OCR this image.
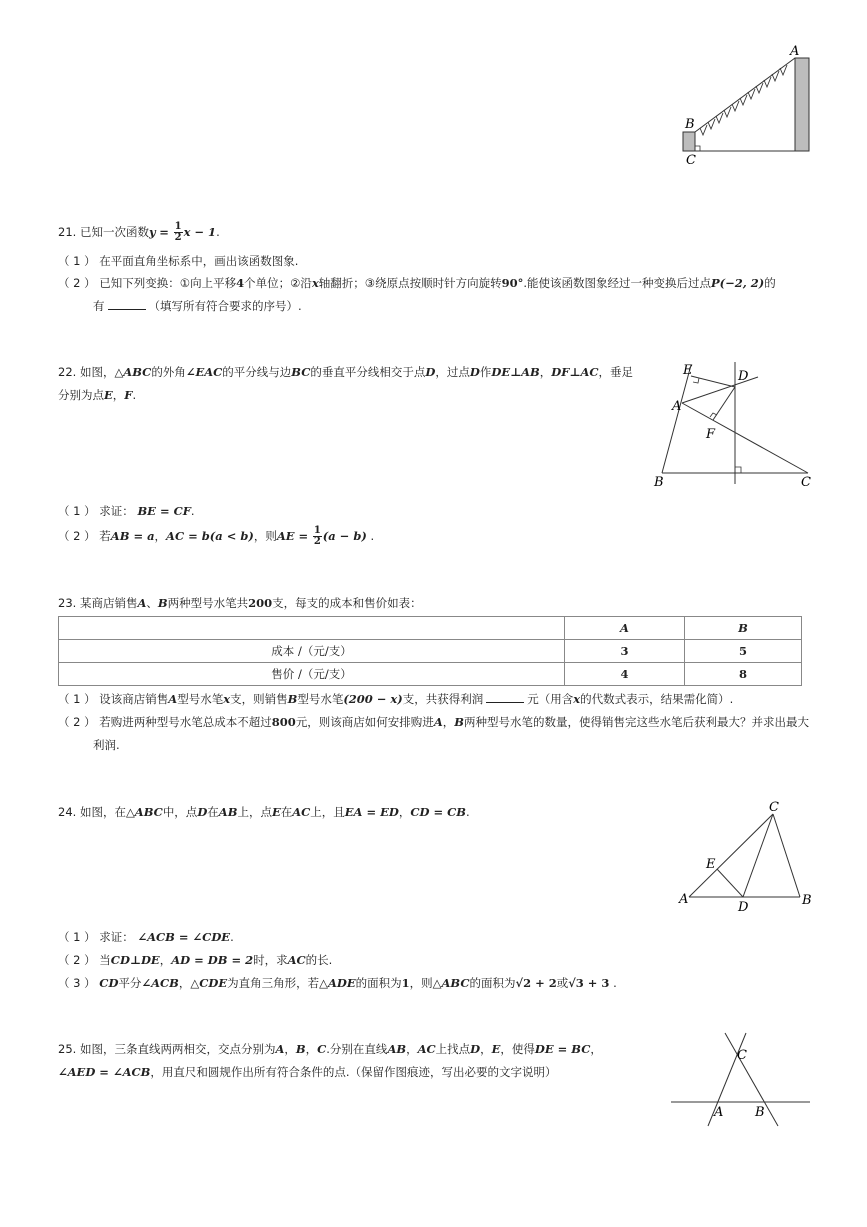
A
B
C
21. 已知一次函数$y = \frac{1}{2}$ x − 1.
（ 1 ） 在平面直角坐标系中，画出该函数图象.
（ 2 ） 已知下列变换：①向上平移4个单位；②沿x轴翻折；③绕原点按顺时针方向旋转90°.能使该函数图象经过一种变换后过点P(−2, 2)的
有	（填写所有符合要求的序号）.
22. 如图，△ABC的外角∠EAC的平分线与边BC的垂直平分线相交于点D，过点D作DE⊥AB，DF⊥AC，垂足
分别为点E，F.
E	D
A
F
B	C
（ 1 ） 求证： BE = CF.
（ 2 ） 若AB = a，AC = b(a < b)，则AE = $\frac{1}{2} (a - b)$ .
23. 某商店销售A、B两种型号水笔共200支，每支的成本和售价如表：
	A	B
成本 /（元/支）	3	5
售价 /（元/支）	4	8
（ 1 ） 设该商店销售A型号水笔x支，则销售B型号水笔(200 − x)支，共获得利润	元（用含x的代数式表示，结果需化简）.
（ 2 ） 若购进两种型号水笔总成本不超过800元，则该商店如何安排购进A，B两种型号水笔的数量，使得销售完这些水笔后获利最大？并求出最大
利润.
24. 如图，在△ABC中，点D在AB上，点E在AC上，且EA = ED，CD = CB.	C
E
A
D	B
（ 1 ） 求证： ∠ACB = ∠CDE.
（ 2 ） 当CD⊥DE，AD = DB = 2时，求AC的长.
（ 3 ） CD平分∠ACB，△CDE为直角三角形，若△ADE的面积为1，则△ABC的面积为√2 + 2或√3 + 3 .
25. 如图，三条直线两两相交，交点分别为A，B，C.分别在直线AB，AC上找点D，E，使得DE = BC，
∠AED = ∠ACB，用直尺和圆规作出所有符合条件的点.（保留作图痕迹，写出必要的文字说明）
C
A B
